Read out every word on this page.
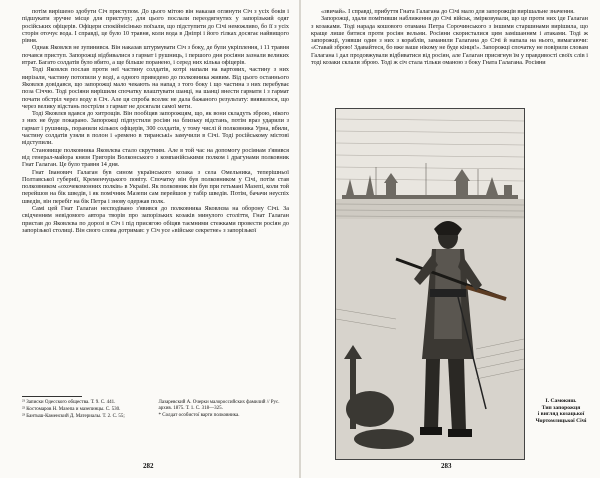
потім вирішено здобути Січ приступом. До цього мітою він наказав оглянути Січ з усіх боків і підшукати зручне місце для приступу; для цього послали переодягнутих у запорізький одяг російських офіцерів. Офіцери спокійнісінько поїхали, що підступити до Січі неможливо, бо її з усіх сторін оточує вода. І справді, це було 10 травня, коли вода в Дніпрі і його гілках досягає найвищого рівня.

Однак Яковлєв не зупинився. Він наказав штурмувати Січ з боку, де були укріплення, і 11 травня почався приступ. Запорожці відбивалися з гармат і рушниць, і першого дня росіяни зазнали великих втрат. Багато солдатів було вбито, а ще більше поранено, і серед них кілька офіцерів.

Тоді Яковлєв послав проти неї частину солдатів, котрі напали на вартових, частину з них вирізали, частину потопили у воді, а одного приведено до полковника живим. Від цього останнього Яковлєв довідався, що запорожці мало чекають на напад з того боку і що частина з них перебуває поза Січчю. Тоді росіяни вирішили спочатку влаштувати шанці, на шанці внести гармати і з гармат почати обстріл через воду в Січ. Але ця спроба вселяє не дала бажаного результату: виявилося, що через велику відстань постріли з гармат не досягали самої мети.

Тоді Яковлєв вдався до хитрощів. Він пообіцяв запорожцям, що, як вони складуть зброю, нікого з них не буде покарано. Запорожці підпустили росіян на близьку відстань, потім враз ударили з гармат і рушниць, поранили кількох офіцерів, 300 солдатів, у тому числі й полковника Урна, вбили, частину солдатів узяли в полон і «ремено в тиранські» замучили в Січі. Тоді російському містові відступили.

Становище полковника Яковлєва стало скрутним. Але в той час на допомогу росіянам з'явився від генерал-майора князя Григорія Волконського з компанійськими полком і драгунами полковник Гнат Галаган. Це було травня 14 дня.

Гнат Іванович Галаган був сином українського козака з села Омельника, теперішньої Полтавської губернії, Кременчуцького повіту. Спочатку він був полковником у Січі, потім став полковником «охочекомонних полків» в Україні. Як полковник він був при гетьмані Мазепі, коли той перейшов на бік шведів, і як помічник Мазепи сам перейшов у табір шведів. Потім, бачачи неуспіх шведів, він перебіг на бік Петра і знову одержав полк.

Самі цей Гнат Галаган несподівано з'явився до полковника Яковлєва на оборону Січі. За свідченням невідомого автора творів про запорізьких козаків минулого століття, Гнат Галаган пристав до Яковлєва по дорозі в Січ і під присягою обіцяв таємними стежками провести росіян до запорізької столиці. Він свого слова дотримав: у Січ усе «війське секретне» з запорізької

²¹ Записки Одесского общества. Т. 9. С. 441.
²² Костомаров Н. Мазепа и мазепинцы. С. 530.
²³ Бантыш-Каменский Д. Материалы. Т. 2. С. 55;
Лазаревский А. Очерки малороссийских фамилий // Рус. архив. 1875. Т. 1. С. 318—325.
* Солдат особистої варти полковника.
282

«звичай». І справді, прибуття Гната Галагана до Січі мало для запорожців вирішальне значення.

Запорожці, здали помітивши наближення до Січі військ, змірковували, що це проти них іде Галаган з козаками. Тоді нарада кошового отамана Петра Сорочинського з іншими старшинами вирішила, що краще лише битися проти росіян вельми. Росіяни скористалися цим замішанням і атаками. Тоді ж запорожці, узявши один з них з кораблів, заманили Галагана до Січі й напала на нього, вимагаючи: «Ставай зброю! Здавайтеся, бо вже ваше нікому не буде кінця!». Запорожці спочатку не повірили словам Галагана і дал продовжували відбиватися від росіян, але Галаган присягнув їм у правдивості своїх слів і тоді козаки склали зброю. Тоді ж січ стала тільки оманою з боку Гната Галагана. Росіяни

І. Самокиш.
Тип запорожця
і вигляд козацької
Чортомлицької Січі
283
